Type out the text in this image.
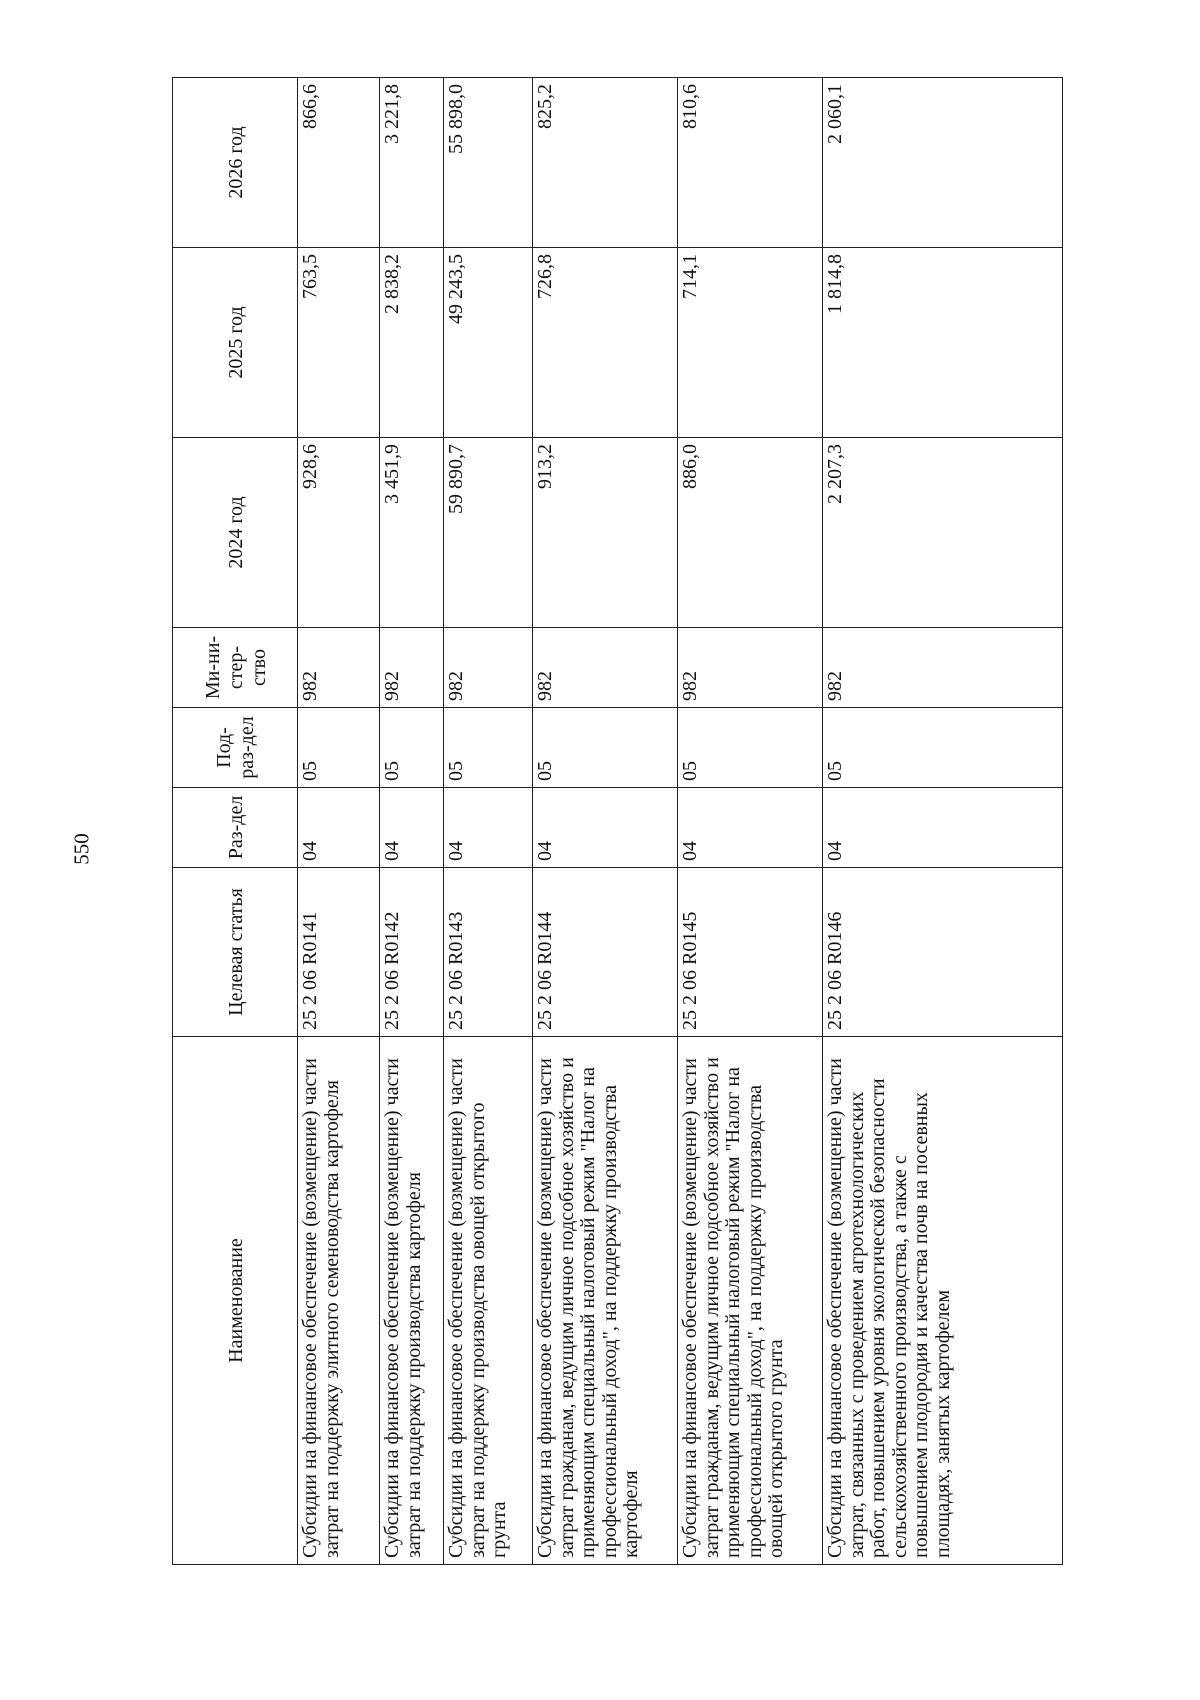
550
Наименование	Целевая статья	Раз-дел	Под-раз-дел	Ми-ни-стер-ство	2024 год	2025 год	2026 год
Субсидии на финансовое обеспечение (возмещение) части затрат на поддержку элитного семеноводства картофеля	25 2 06 R0141	04	05	982	928,6	763,5	866,6
Субсидии на финансовое обеспечение (возмещение) части затрат на поддержку производства картофеля	25 2 06 R0142	04	05	982	3 451,9	2 838,2	3 221,8
Субсидии на финансовое обеспечение (возмещение) части затрат на поддержку производства овощей открытого грунта	25 2 06 R0143	04	05	982	59 890,7	49 243,5	55 898,0
Субсидии на финансовое обеспечение (возмещение) части затрат гражданам, ведущим личное подсобное хозяйство и применяющим специальный налоговый режим "Налог на профессиональный доход", на поддержку производства картофеля	25 2 06 R0144	04	05	982	913,2	726,8	825,2
Субсидии на финансовое обеспечение (возмещение) части затрат гражданам, ведущим личное подсобное хозяйство и применяющим специальный налоговый режим "Налог на профессиональный доход", на поддержку производства овощей открытого грунта	25 2 06 R0145	04	05	982	886,0	714,1	810,6
Субсидии на финансовое обеспечение (возмещение) части затрат, связанных с проведением агротехнологических работ, повышением уровня экологической безопасности сельскохозяйственного производства, а также с повышением плодородия и качества почв на посевных площадях, занятых картофелем	25 2 06 R0146	04	05	982	2 207,3	1 814,8	2 060,1
